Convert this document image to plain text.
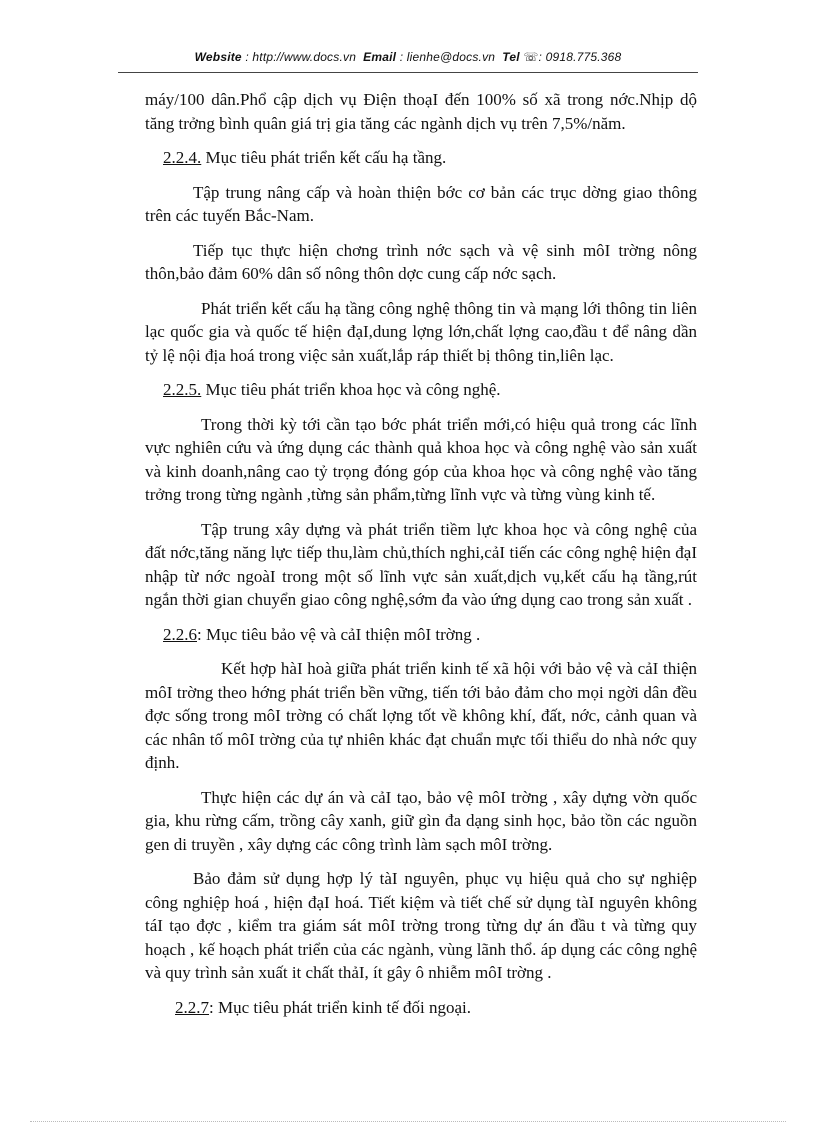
Website : http://www.docs.vn Email : lienhe@docs.vn Tel ☏: 0918.775.368

máy/100 dân.Phổ cập dịch vụ Điện thoạI đến 100% số xã trong nớc.Nhịp dộ tăng trởng bình quân giá trị gia tăng các ngành dịch vụ trên 7,5%/năm.

2.2.4. Mục tiêu phát triển kết cấu hạ tầng.

Tập trung nâng cấp và hoàn thiện bớc cơ bản các trục dờng giao thông trên các tuyến Bắc-Nam.

Tiếp tục thực hiện chơng trình nớc sạch và vệ sinh môI trờng nông thôn,bảo đảm 60% dân số nông thôn dợc cung cấp nớc sạch.

Phát triển kết cấu hạ tầng công nghệ thông tin và mạng lới thông tin liên lạc quốc gia và quốc tế hiện đạI,dung lợng lớn,chất lợng cao,đầu t để nâng dần tỷ lệ nội địa hoá trong việc sản xuất,lắp ráp thiết bị thông tin,liên lạc.

2.2.5. Mục tiêu phát triển khoa học và công nghệ.

Trong thời kỳ tới cần tạo bớc phát triển mới,có hiệu quả trong các lĩnh vực nghiên cứu và ứng dụng các thành quả khoa học và công nghệ vào sản xuất và kinh doanh,nâng cao tỷ trọng đóng góp của khoa học và công nghệ vào tăng trởng trong từng ngành ,từng sản phẩm,từng lĩnh vực và từng vùng kinh tế.

Tập trung xây dựng và phát triển tiềm lực khoa học và công nghệ của đất nớc,tăng năng lực tiếp thu,làm chủ,thích nghi,cảI tiến các công nghệ hiện đạI nhập từ nớc ngoàI trong một số lĩnh vực sản xuất,dịch vụ,kết cấu hạ tầng,rút ngắn thời gian chuyển giao công nghệ,sớm đa vào ứng dụng cao trong sản xuất .

2.2.6: Mục tiêu bảo vệ và cảI thiện môI trờng .

Kết hợp hàI hoà giữa phát triển kinh tế xã hội với bảo vệ và cảI thiện môI trờng theo hớng phát triển bền vững, tiến tới bảo đảm cho mọi ngời dân đều đợc sống trong môI trờng có chất lợng tốt về không khí, đất, nớc, cảnh quan và các nhân tố môI trờng của tự nhiên khác đạt chuẩn mực tối thiểu do nhà nớc quy định.

Thực hiện các dự án và cảI tạo, bảo vệ môI trờng , xây dựng vờn quốc gia, khu rừng cấm, trồng cây xanh, giữ gìn đa dạng sinh học, bảo tồn các nguồn gen di truyền , xây dựng các công trình làm sạch môI trờng.

Bảo đảm sử dụng hợp lý tàI nguyên, phục vụ hiệu quả cho sự nghiệp công nghiệp hoá , hiện đạI hoá. Tiết kiệm và tiết chế sử dụng tàI nguyên không táI tạo đợc , kiểm tra giám sát môI trờng trong từng dự án đầu t và từng quy hoạch , kế hoạch phát triển của các ngành, vùng lãnh thổ. áp dụng các công nghệ và quy trình sản xuất it chất thảI, ít gây ô nhiễm môI trờng .

2.2.7: Mục tiêu phát triển kinh tế đối ngoại.
